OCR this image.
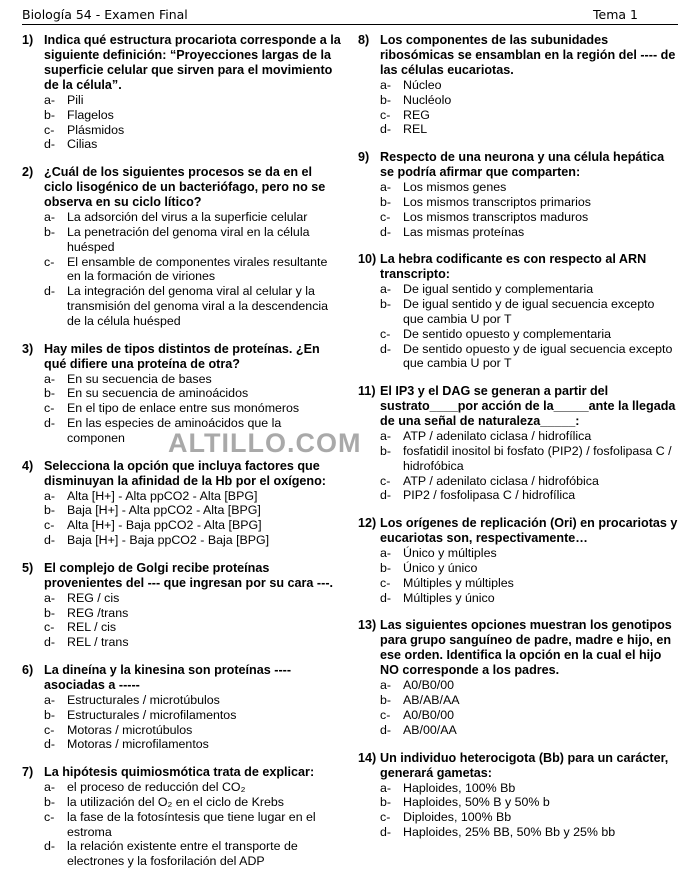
Biología 54 - Examen Final	Tema 1
1) Indica qué estructura procariota corresponde a la siguiente definición: “Proyecciones largas de la superficie celular que sirven para el movimiento de la célula”.
a- Pili
b- Flagelos
c-	Plásmidos
d- Cilias
2) ¿Cuál de los siguientes procesos se da en el ciclo lisogénico de un bacteriófago, pero no se observa en su ciclo lítico?
a- La adsorción del virus a la superficie celular
b- La penetración del genoma viral en la célula huésped
c-	El ensamble de componentes virales resultante en la formación de viriones
d- La integración del genoma viral al celular y la transmisión del genoma viral a la descendencia de la célula huésped
3) Hay miles de tipos distintos de proteínas. ¿En qué difiere una proteína de otra?
a- En su secuencia de bases
b- En su secuencia de aminoácidos
c-	En el tipo de enlace entre sus monómeros
d- En las especies de aminoácidos que la componen
4) Selecciona la opción que incluya factores que disminuyan la afinidad de la Hb por el oxígeno:
a- Alta [H+] - Alta ppCO2 - Alta [BPG]
b- Baja [H+] - Alta ppCO2 - Alta [BPG]
c-	Alta [H+] - Baja ppCO2 - Alta [BPG]
d- Baja [H+] - Baja ppCO2 - Baja [BPG]
5) El complejo de Golgi recibe proteínas provenientes del --- que ingresan por su cara ---.
a- REG / cis
b- REG /trans
c-	REL / cis
d- REL / trans
6) La dineína y la kinesina son proteínas ---- asociadas a -----
a- Estructurales / microtúbulos
b- Estructurales / microfilamentos
c-	Motoras / microtúbulos
d- Motoras / microfilamentos
7) La hipótesis quimiosmótica trata de explicar:
a- el proceso de reducción del CO₂
b- la utilización del O₂ en el ciclo de Krebs
c-	la fase de la fotosíntesis que tiene lugar en el estroma
d- la relación existente entre el transporte de electrones y la fosforilación del ADP
8) Los componentes de las subunidades ribosómicas se ensamblan en la región del ---- de las células eucariotas.
a- Núcleo
b- Nucléolo
c-	REG
d- REL
9) Respecto de una neurona y una célula hepática se podría afirmar que comparten:
a- Los mismos genes
b- Los mismos transcriptos primarios
c-	Los mismos transcriptos maduros
d- Las mismas proteínas
10) La hebra codificante es con respecto al ARN transcripto:
a- De igual sentido y complementaria
b- De igual sentido y de igual secuencia excepto que cambia U por T
c-	De sentido opuesto y complementaria
d- De sentido opuesto y de igual secuencia excepto que cambia U por T
11) El IP3 y el DAG se generan a partir del sustrato____por acción de la_____ante la llegada de una señal de naturaleza_____:
a- ATP / adenilato ciclasa / hidrofílica
b- fosfatidil inositol bi fosfato (PIP2) / fosfolipasa C / hidrofóbica
c-	ATP / adenilato ciclasa / hidrofóbica
d- PIP2 / fosfolipasa C / hidrofílica
12) Los orígenes de replicación (Ori) en procariotas y eucariotas son, respectivamente…
a- Único y múltiples
b- Único y único
c-	Múltiples y múltiples
d- Múltiples y único
13) Las siguientes opciones muestran los genotipos para grupo sanguíneo de padre, madre e hijo, en ese orden. Identifica la opción en la cual el hijo NO corresponde a los padres.
a- A0/B0/00
b- AB/AB/AA
c-	A0/B0/00
d- AB/00/AA
14) Un individuo heterocigota (Bb) para un carácter, generará gametas:
a- Haploides, 100% Bb
b- Haploides, 50% B y 50% b
c-	Diploides, 100% Bb
d- Haploides, 25% BB, 50% Bb y 25% bb
ALTILLO.COM
